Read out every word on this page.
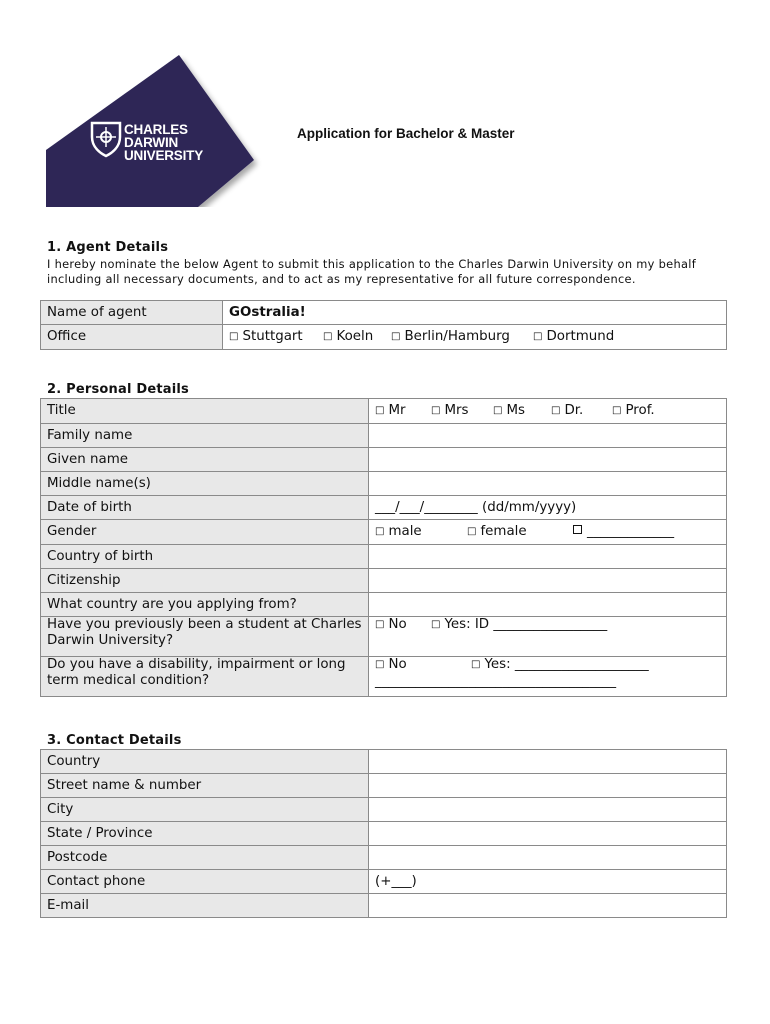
CHARLES
DARWIN
UNIVERSITY
Application for Bachelor & Master
1. Agent Details
I hereby nominate the below Agent to submit this application to the Charles Darwin University on my behalf including all necessary documents, and to act as my representative for all future correspondence.
Name of agent	GOstralia!
Office	□ Stuttgart □ Koeln □ Berlin/Hamburg □ Dortmund
2. Personal Details
Title	□ Mr □ Mrs □ Ms □ Dr. □ Prof.
Family name	
Given name	
Middle name(s)	
Date of birth	___/___/________ (dd/mm/yyyy)
Gender	□ male □ female _____________
Country of birth	
Citizenship	
What country are you applying from?	
Have you previously been a student at Charles Darwin University?	□ No □ Yes: ID _________________
Do you have a disability, impairment or long term medical condition?	□ No □ Yes: ____________________
____________________________________
3. Contact Details
Country	
Street name & number	
City	
State / Province	
Postcode	
Contact phone	(+___)
E-mail	
